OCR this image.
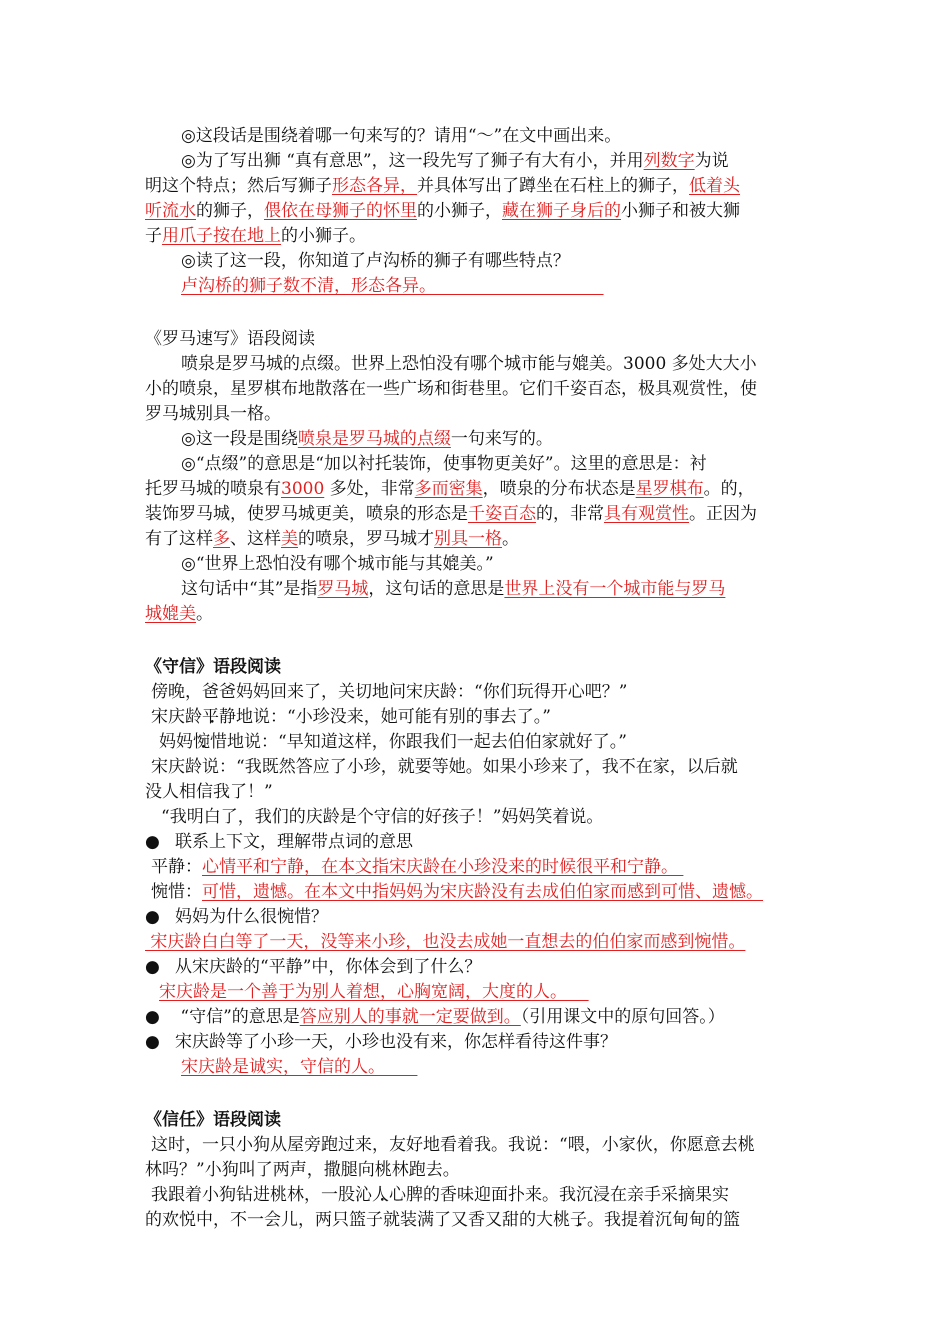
◎这段话是围绕着哪一句来写的？请用“～”在文中画出来。

◎为了写出狮 “真有意思”，这一段先写了狮子有大有小，并用列数字为说

明这个特点；然后写狮子形态各异，并具体写出了蹲坐在石柱上的狮子，低着头

听流水的狮子，偎依在母狮子的怀里的小狮子，藏在狮子身后的小狮子和被大狮

子用爪子按在地上的小狮子。

◎读了这一段，你知道了卢沟桥的狮子有哪些特点？

卢沟桥的狮子数不清，形态各异。

《罗马速写》语段阅读

喷泉是罗马城的点缀。世界上恐怕没有哪个城市能与媲美。3000 多处大大小

小的喷泉，星罗棋布地散落在一些广场和街巷里。它们千姿百态，极具观赏性，使

罗马城别具一格。

◎这一段是围绕喷泉是罗马城的点缀一句来写的。

◎“点缀”的意思是“加以衬托装饰，使事物更美好”。这里的意思是：衬

托罗马城的喷泉有3000 多处，非常多而密集，喷泉的分布状态是星罗棋布。的，

装饰罗马城，使罗马城更美，喷泉的形态是千姿百态的，非常具有观赏性。正因为

有了这样多、这样美的喷泉，罗马城才别具一格。

◎“世界上恐怕没有哪个城市能与其媲美。”

这句话中“其”是指罗马城，这句话的意思是世界上没有一个城市能与罗马

城媲美。

《守信》语段阅读

傍晚，爸爸妈妈回来了，关切地问宋庆龄：“你们玩得开心吧？”

宋庆龄平静地说：“小珍没来，她可能有别的事去了。”

妈妈惋惜地说：“早知道这样，你跟我们一起去伯伯家就好了。”

宋庆龄说：“我既然答应了小珍，就要等她。如果小珍来了，我不在家，以后就

没人相信我了！”

“我明白了，我们的庆龄是个守信的好孩子！”妈妈笑着说。

● 联系上下文，理解带点词的意思

平静：心情平和宁静，在本文指宋庆龄在小珍没来的时候很平和宁静。

惋惜：可惜，遗憾。在本文中指妈妈为宋庆龄没有去成伯伯家而感到可惜、遗憾。

● 妈妈为什么很惋惜？

宋庆龄白白等了一天，没等来小珍，也没去成她一直想去的伯伯家而感到惋惜。

● 从宋庆龄的“平静”中，你体会到了什么？

宋庆龄是一个善于为别人着想，心胸宽阔，大度的人。

● “守信”的意思是答应别人的事就一定要做到。（引用课文中的原句回答。）

● 宋庆龄等了小珍一天，小珍也没有来，你怎样看待这件事？

宋庆龄是诚实，守信的人。

《信任》语段阅读

这时，一只小狗从屋旁跑过来，友好地看着我。我说：“喂，小家伙，你愿意去桃

林吗？”小狗叫了两声，撒腿向桃林跑去。

我跟着小狗钻进桃林，一股沁人心脾的香味迎面扑来。我沉浸在亲手采摘果实

的欢悦中，不一会儿，两只篮子就装满了又香又甜的大桃子。我提着沉甸甸的篮
